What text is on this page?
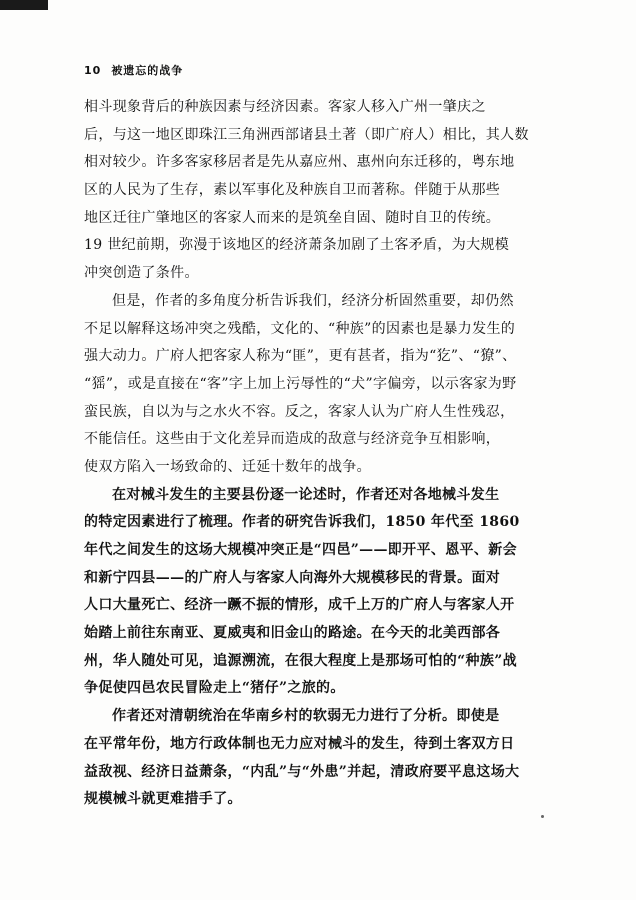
10 被遗忘的战争
相斗现象背后的种族因素与经济因素。客家人移入广州一肇庆之
后，与这一地区即珠江三角洲西部诸县土著（即广府人）相比，其人数
相对较少。许多客家移居者是先从嘉应州、惠州向东迁移的，粤东地
区的人民为了生存，素以军事化及种族自卫而著称。伴随于从那些
地区迁往广肇地区的客家人而来的是筑垒自固、随时自卫的传统。
19 世纪前期，弥漫于该地区的经济萧条加剧了土客矛盾，为大规模
冲突创造了条件。
但是，作者的多角度分析告诉我们，经济分析固然重要，却仍然
不足以解释这场冲突之残酷，文化的、“种族”的因素也是暴力发生的
强大动力。广府人把客家人称为“匪”，更有甚者，指为“犵”、“獠”、
“猺”，或是直接在“客”字上加上污辱性的“犬”字偏旁，以示客家为野
蛮民族，自以为与之水火不容。反之，客家人认为广府人生性残忍，
不能信任。这些由于文化差异而造成的敌意与经济竞争互相影响，
使双方陷入一场致命的、迁延十数年的战争。
在对械斗发生的主要县份逐一论述时，作者还对各地械斗发生
的特定因素进行了梳理。作者的研究告诉我们，1850 年代至 1860
年代之间发生的这场大规模冲突正是“四邑”——即开平、恩平、新会
和新宁四县——的广府人与客家人向海外大规模移民的背景。面对
人口大量死亡、经济一蹶不振的情形，成千上万的广府人与客家人开
始踏上前往东南亚、夏威夷和旧金山的路途。在今天的北美西部各
州，华人随处可见，追源溯流，在很大程度上是那场可怕的“种族”战
争促使四邑农民冒险走上“猪仔”之旅的。
作者还对清朝统治在华南乡村的软弱无力进行了分析。即使是
在平常年份，地方行政体制也无力应对械斗的发生，待到土客双方日
益敌视、经济日益萧条，“内乱”与“外患”并起，清政府要平息这场大
规模械斗就更难措手了。
